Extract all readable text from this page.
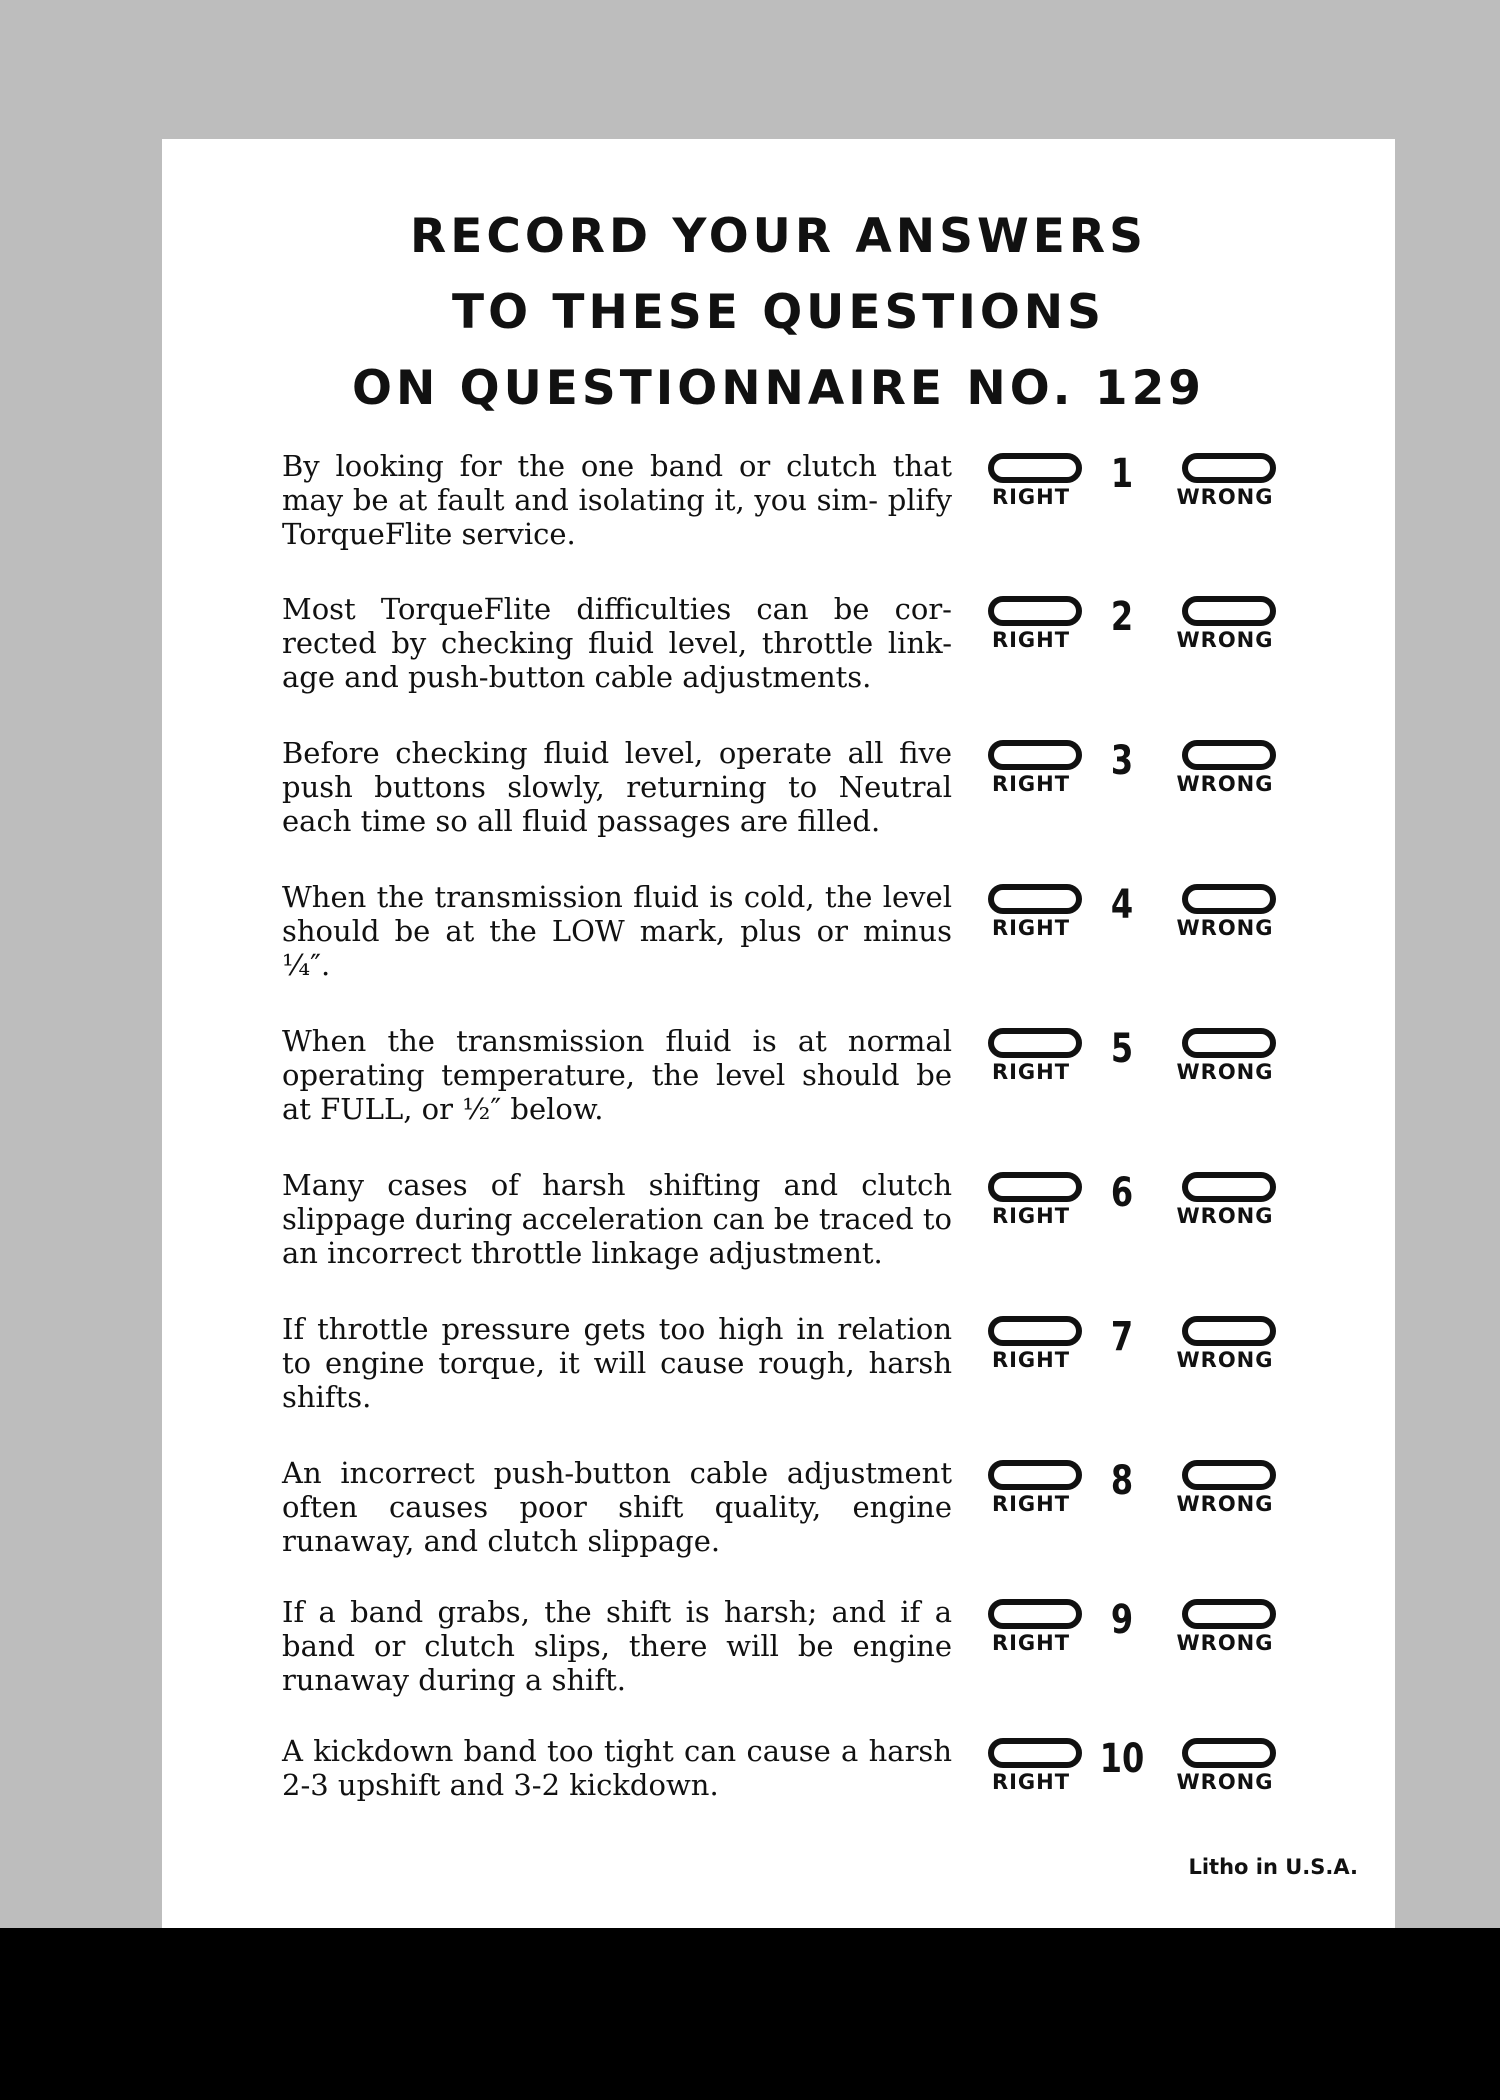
RECORD YOUR ANSWERS
TO THESE QUESTIONS
ON QUESTIONNAIRE NO. 129
By looking for the one band or clutch that may be at fault and isolating it, you sim- plify TorqueFlite service.
RIGHT	1	WRONG
Most TorqueFlite difficulties can be cor- rected by checking fluid level, throttle link- age and push-button cable adjustments.
RIGHT	2	WRONG
Before checking fluid level, operate all five push buttons slowly, returning to Neutral each time so all fluid passages are filled.
RIGHT	3	WRONG
When the transmission fluid is cold, the level should be at the LOW mark, plus or minus ¼″.
RIGHT	4	WRONG
When the transmission fluid is at normal operating temperature, the level should be at FULL, or ½″ below.
RIGHT	5	WRONG
Many cases of harsh shifting and clutch slippage during acceleration can be traced to an incorrect throttle linkage adjustment.
RIGHT	6	WRONG
If throttle pressure gets too high in relation to engine torque, it will cause rough, harsh shifts.
RIGHT	7	WRONG
An incorrect push-button cable adjustment often causes poor shift quality, engine runaway, and clutch slippage.
RIGHT	8	WRONG
If a band grabs, the shift is harsh; and if a band or clutch slips, there will be engine runaway during a shift.
RIGHT	9	WRONG
A kickdown band too tight can cause a harsh 2-3 upshift and 3-2 kickdown.	RIGHT 10	WRONG
Litho in U.S.A.
